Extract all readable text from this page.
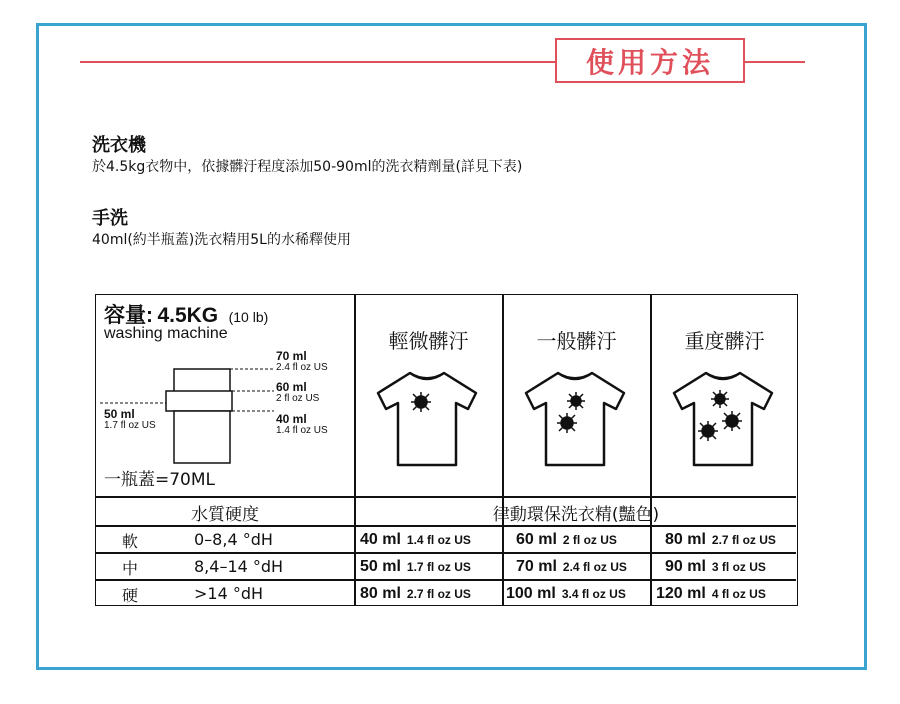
使用方法
洗衣機
於4.5kg衣物中，依據髒汙程度添加50-90ml的洗衣精劑量(詳見下表)
手洗
40ml(約半瓶蓋)洗衣精用5L的水稀釋使用
容量: 4.5KG (10 lb)
washing machine
70 ml
2.4 fl oz US
60 ml
2 fl oz US
40 ml
1.4 fl oz US
50 ml
1.7 fl oz US
一瓶蓋=70ML
輕微髒汙	一般髒汙	重度髒汙
水質硬度	律動環保洗衣精(豔色)
軟	0–8,4 °dH	40 ml 1.4 fl oz US	60 ml 2 fl oz US	80 ml 2.7 fl oz US
中	8,4–14 °dH	50 ml 1.7 fl oz US	70 ml 2.4 fl oz US 90 ml 3 fl oz US
硬	>14 °dH	80 ml 2.7 fl oz US 100 ml 3.4 fl oz US 120 ml 4 fl oz US
